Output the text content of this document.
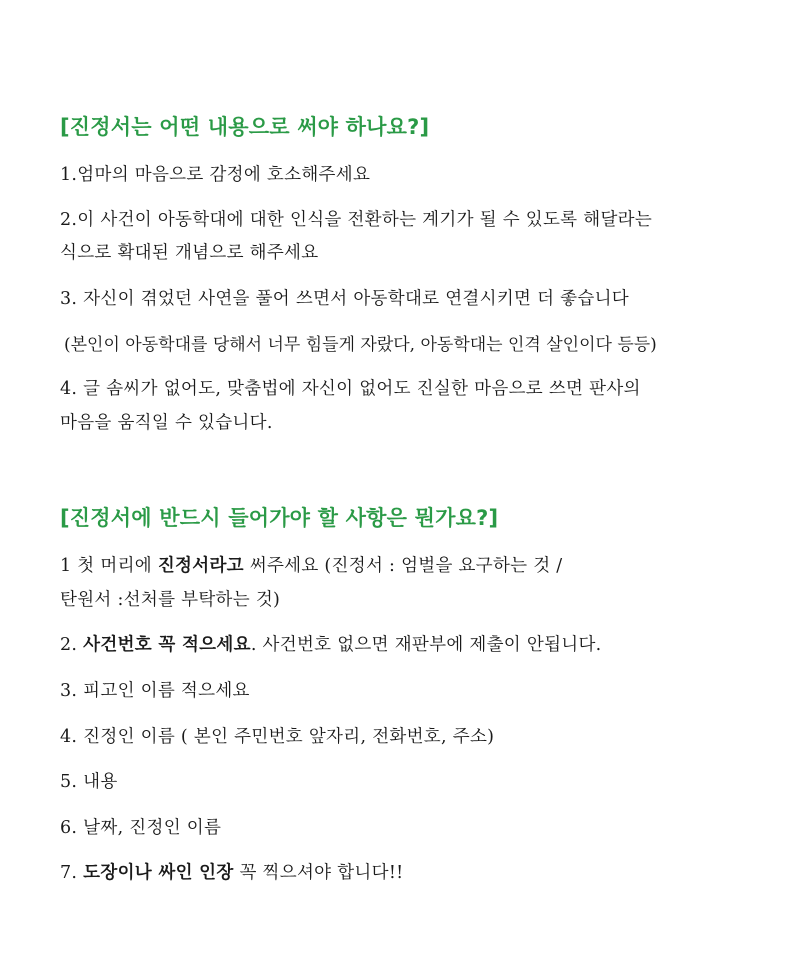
[진정서는 어떤 내용으로 써야 하나요?]
1.엄마의 마음으로 감정에 호소해주세요
2.이 사건이 아동학대에 대한 인식을 전환하는 계기가 될 수 있도록 해달라는
식으로 확대된 개념으로 해주세요
3. 자신이 겪었던 사연을 풀어 쓰면서 아동학대로 연결시키면 더 좋습니다
(본인이 아동학대를 당해서 너무 힘들게 자랐다, 아동학대는 인격 살인이다 등등)
4. 글 솜씨가 없어도, 맞춤법에 자신이 없어도 진실한 마음으로 쓰면 판사의
마음을 움직일 수 있습니다.
[진정서에 반드시 들어가야 할 사항은 뭔가요?]
1 첫 머리에 진정서라고 써주세요 (진정서 : 엄벌을 요구하는 것 /
탄원서 :선처를 부탁하는 것)
2. 사건번호 꼭 적으세요. 사건번호 없으면 재판부에 제출이 안됩니다.
3. 피고인 이름 적으세요
4. 진정인 이름 ( 본인 주민번호 앞자리, 전화번호, 주소)
5. 내용
6. 날짜, 진정인 이름
7. 도장이나 싸인 인장 꼭 찍으셔야 합니다!!
